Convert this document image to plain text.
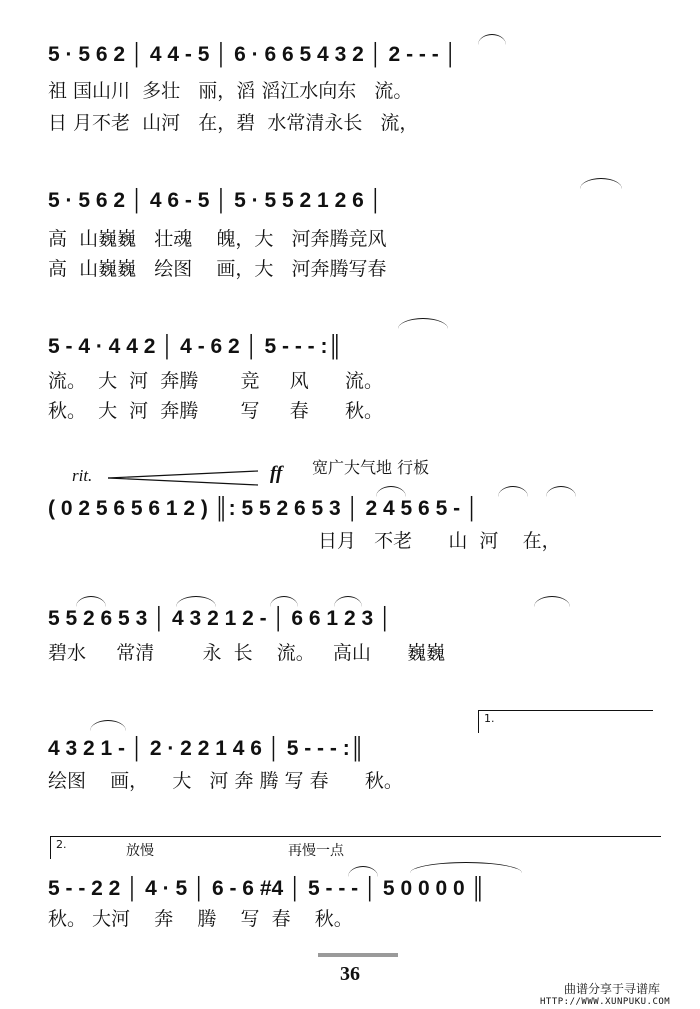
5 · 5 6 2 │ 4 4 - 5 │ 6 · 6 6 5 4 3 2 │ 2 - - - │
祖 国山川  多壮   丽，滔 滔江水向东   流。
日 月不老  山河   在，碧  水常清永长   流，
5 · 5 6 2 │ 4 6 - 5 │ 5 · 5 5 2 1 2 6 │
高  山巍巍   壮魂    魄，大   河奔腾竞风
高  山巍巍   绘图    画，大   河奔腾写春
5 - 4 · 4 4 2 │ 4 - 6 2 │ 5 - - - :║
流。  大  河  奔腾       竞     风      流。
秋。  大  河  奔腾       写     春      秋。
宽广大气地 行板
rit.	ff
( 0 2 5 6 5 6 1 2 ) ║: 5 5 2 6 5 3 │ 2 4 5 6 5 - │
日月   不老      山  河    在，
5 5 2 6 5 3 │ 4 3 2 1 2 - │ 6 6 1 2 3 │
碧水     常清        永  长    流。   高山      巍巍
1.
4 3 2 1 - │ 2 · 2 2 1 4 6 │ 5 - - - :║
绘图    画，    大   河 奔 腾 写 春      秋。
2.	放慢	再慢一点
5 - - 2 2 │ 4 · 5 │ 6 - 6 #4 │ 5 - - - │ 5 0 0 0 0 ║
秋。 大河    奔    腾    写  春    秋。
36
曲谱分享于寻谱库
HTTP://WWW.XUNPUKU.COM
